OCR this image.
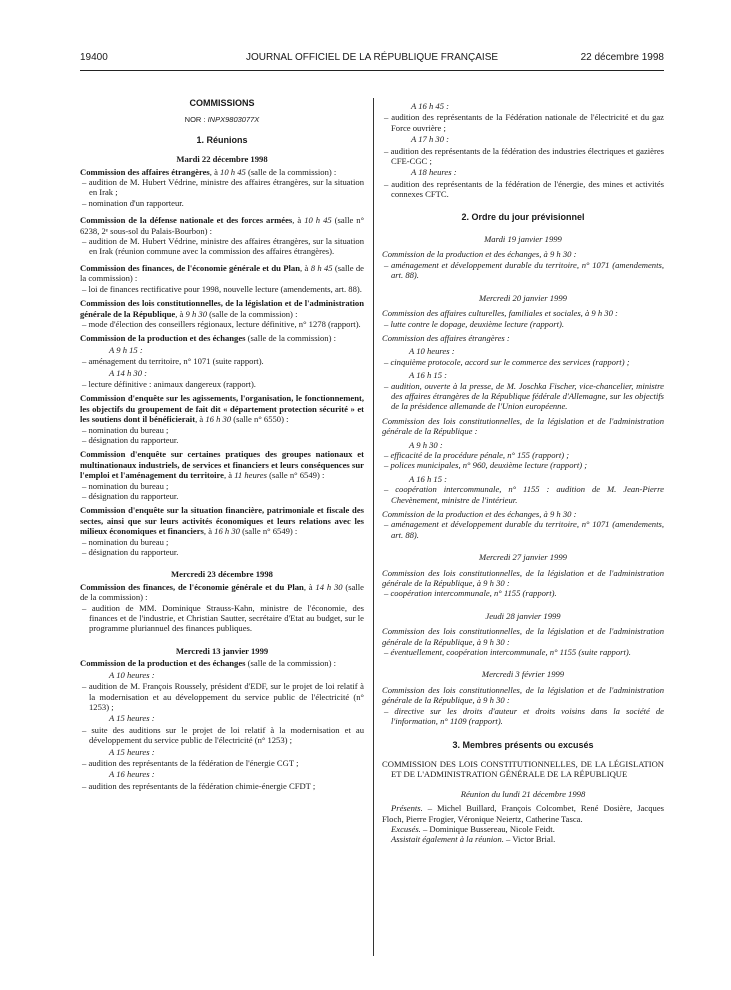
19400	JOURNAL OFFICIEL DE LA RÉPUBLIQUE FRANÇAISE	22 décembre 1998
COMMISSIONS
NOR : INPX9803077X
1. Réunions
Mardi 22 décembre 1998

Commission des affaires étrangères, à 10 h 45 (salle de la commission) :

– audition de M. Hubert Védrine, ministre des affaires étrangères, sur la situation en Irak ;

– nomination d'un rapporteur.

Commission de la défense nationale et des forces armées, à 10 h 45 (salle n° 6238, 2ᵉ sous-sol du Palais-Bourbon) :

– audition de M. Hubert Védrine, ministre des affaires étrangères, sur la situation en Irak (réunion commune avec la commission des affaires étrangères).

Commission des finances, de l'économie générale et du Plan, à 8 h 45 (salle de la commission) :

– loi de finances rectificative pour 1998, nouvelle lecture (amendements, art. 88).

Commission des lois constitutionnelles, de la législation et de l'administration générale de la République, à 9 h 30 (salle de la commission) :

– mode d'élection des conseillers régionaux, lecture définitive, n° 1278 (rapport).

Commission de la production et des échanges (salle de la commission) :

A 9 h 15 :

– aménagement du territoire, n° 1071 (suite rapport).

A 14 h 30 :

– lecture définitive : animaux dangereux (rapport).

Commission d'enquête sur les agissements, l'organisation, le fonctionnement, les objectifs du groupement de fait dit « département protection sécurité » et les soutiens dont il bénéficierait, à 16 h 30 (salle n° 6550) :

– nomination du bureau ;

– désignation du rapporteur.

Commission d'enquête sur certaines pratiques des groupes nationaux et multinationaux industriels, de services et financiers et leurs conséquences sur l'emploi et l'aménagement du territoire, à 11 heures (salle n° 6549) :

– nomination du bureau ;

– désignation du rapporteur.

Commission d'enquête sur la situation financière, patrimoniale et fiscale des sectes, ainsi que sur leurs activités économiques et leurs relations avec les milieux économiques et financiers, à 16 h 30 (salle n° 6549) :

– nomination du bureau ;

– désignation du rapporteur.

Mercredi 23 décembre 1998

Commission des finances, de l'économie générale et du Plan, à 14 h 30 (salle de la commission) :

– audition de MM. Dominique Strauss-Kahn, ministre de l'économie, des finances et de l'industrie, et Christian Sautter, secrétaire d'Etat au budget, sur le programme pluriannuel des finances publiques.

Mercredi 13 janvier 1999

Commission de la production et des échanges (salle de la commission) :

A 10 heures :

– audition de M. François Roussely, président d'EDF, sur le projet de loi relatif à la modernisation et au développement du service public de l'électricité (n° 1253) ;

A 15 heures :

– suite des auditions sur le projet de loi relatif à la modernisation et au développement du service public de l'électricité (n° 1253) ;

A 15 heures :

– audition des représentants de la fédération de l'énergie CGT ;

A 16 heures :

– audition des représentants de la fédération chimie-énergie CFDT ;

A 16 h 45 :

– audition des représentants de la Fédération nationale de l'électricité et du gaz Force ouvrière ;

A 17 h 30 :

– audition des représentants de la fédération des industries électriques et gazières CFE-CGC ;

A 18 heures :

– audition des représentants de la fédération de l'énergie, des mines et activités connexes CFTC.

2. Ordre du jour prévisionnel
Mardi 19 janvier 1999

Commission de la production et des échanges, à 9 h 30 :

– aménagement et développement durable du territoire, n° 1071 (amendements, art. 88).

Mercredi 20 janvier 1999

Commission des affaires culturelles, familiales et sociales, à 9 h 30 :

– lutte contre le dopage, deuxième lecture (rapport).

Commission des affaires étrangères :

A 10 heures :

– cinquième protocole, accord sur le commerce des services (rapport) ;

A 16 h 15 :

– audition, ouverte à la presse, de M. Joschka Fischer, vice-chancelier, ministre des affaires étrangères de la République fédérale d'Allemagne, sur les objectifs de la présidence allemande de l'Union européenne.

Commission des lois constitutionnelles, de la législation et de l'administration générale de la République :

A 9 h 30 :

– efficacité de la procédure pénale, n° 155 (rapport) ;

– polices municipales, n° 960, deuxième lecture (rapport) ;

A 16 h 15 :

– coopération intercommunale, n° 1155 : audition de M. Jean-Pierre Chevènement, ministre de l'intérieur.

Commission de la production et des échanges, à 9 h 30 :

– aménagement et développement durable du territoire, n° 1071 (amendements, art. 88).

Mercredi 27 janvier 1999

Commission des lois constitutionnelles, de la législation et de l'administration générale de la République, à 9 h 30 :

– coopération intercommunale, n° 1155 (rapport).

Jeudi 28 janvier 1999

Commission des lois constitutionnelles, de la législation et de l'administration générale de la République, à 9 h 30 :

– éventuellement, coopération intercommunale, n° 1155 (suite rapport).

Mercredi 3 février 1999

Commission des lois constitutionnelles, de la législation et de l'administration générale de la République, à 9 h 30 :

– directive sur les droits d'auteur et droits voisins dans la société de l'information, n° 1109 (rapport).

3. Membres présents ou excusés

COMMISSION DES LOIS CONSTITUTIONNELLES, DE LA LÉGISLATION ET DE L'ADMINISTRATION GÉNÉRALE DE LA RÉPUBLIQUE

Réunion du lundi 21 décembre 1998

Présents. – Michel Buillard, François Colcombet, René Dosière, Jacques Floch, Pierre Frogier, Véronique Neiertz, Catherine Tasca.

Excusés. – Dominique Bussereau, Nicole Feidt.

Assistait également à la réunion. – Victor Brial.
